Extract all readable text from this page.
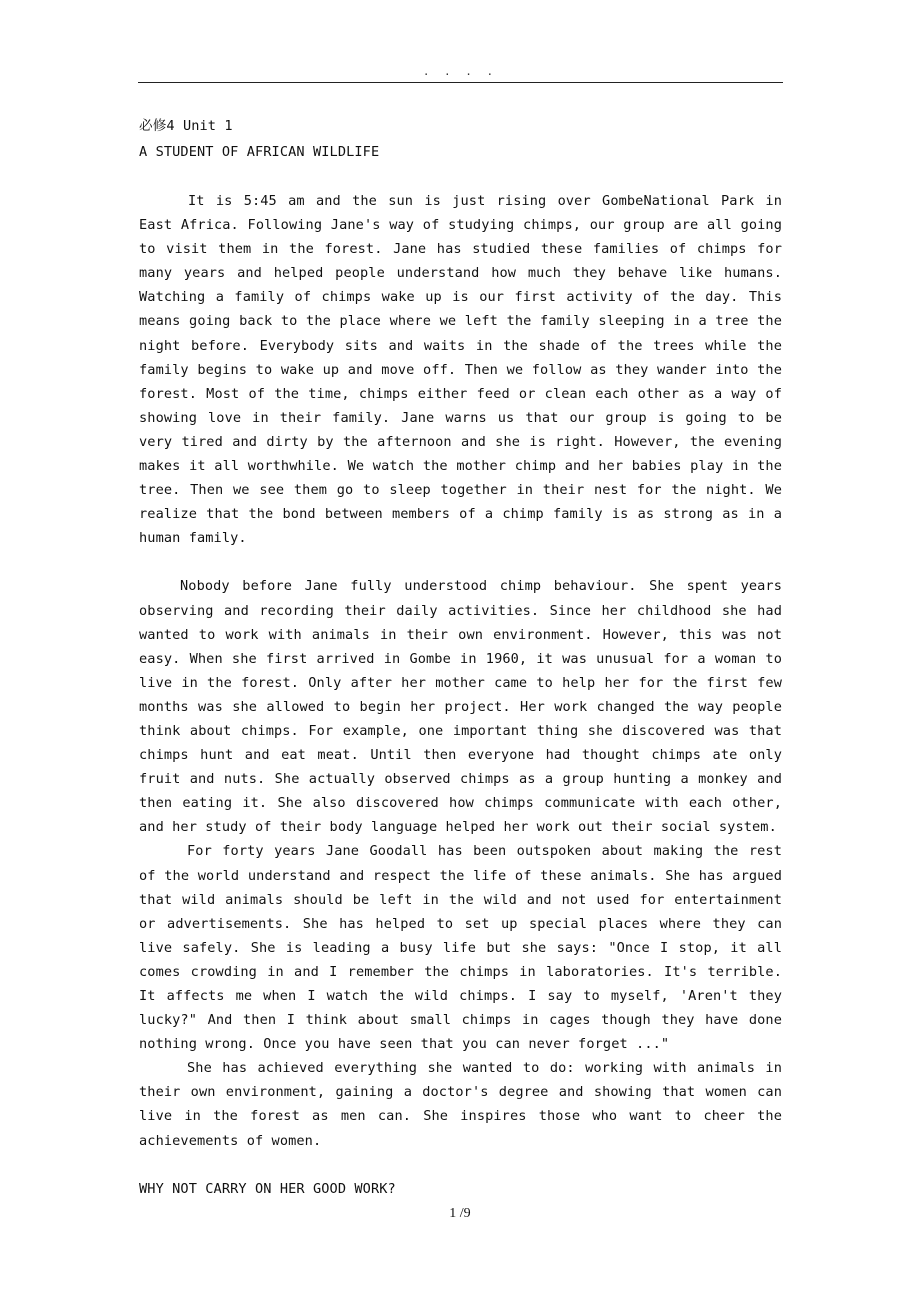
. . . .
必修4 Unit 1
A STUDENT OF AFRICAN WILDLIFE

It is 5:45 am and the sun is just rising over GombeNational Park in East Africa. Following Jane's way of studying chimps, our group are all going to visit them in the forest. Jane has studied these families of chimps for many years and helped people understand how much they behave like humans. Watching a family of chimps wake up is our first activity of the day. This means going back to the place where we left the family sleeping in a tree the night before. Everybody sits and waits in the shade of the trees while the family begins to wake up and move off. Then we follow as they wander into the forest. Most of the time, chimps either feed or clean each other as a way of showing love in their family. Jane warns us that our group is going to be very tired and dirty by the afternoon and she is right. However, the evening makes it all worthwhile. We watch the mother chimp and her babies play in the tree. Then we see them go to sleep together in their nest for the night. We realize that the bond between members of a chimp family is as strong as in a human family.

Nobody before Jane fully understood chimp behaviour. She spent years observing and recording their daily activities. Since her childhood she had wanted to work with animals in their own environment. However, this was not easy. When she first arrived in Gombe in 1960, it was unusual for a woman to live in the forest. Only after her mother came to help her for the first few months was she allowed to begin her project. Her work changed the way people think about chimps. For example, one important thing she discovered was that chimps hunt and eat meat. Until then everyone had thought chimps ate only fruit and nuts. She actually observed chimps as a group hunting a monkey and then eating it. She also discovered how chimps communicate with each other, and her study of their body language helped her work out their social system.

For forty years Jane Goodall has been outspoken about making the rest of the world understand and respect the life of these animals. She has argued that wild animals should be left in the wild and not used for entertainment or advertisements. She has helped to set up special places where they can live safely. She is leading a busy life but she says: "Once I stop, it all comes crowding in and I remember the chimps in laboratories. It's terrible. It affects me when I watch the wild chimps. I say to myself, 'Aren't they lucky?" And then I think about small chimps in cages though they have done nothing wrong. Once you have seen that you can never forget ..."

She has achieved everything she wanted to do: working with animals in their own environment, gaining a doctor's degree and showing that women can live in the forest as men can. She inspires those who want to cheer the achievements of women.

WHY NOT CARRY ON HER GOOD WORK?
1 /9
